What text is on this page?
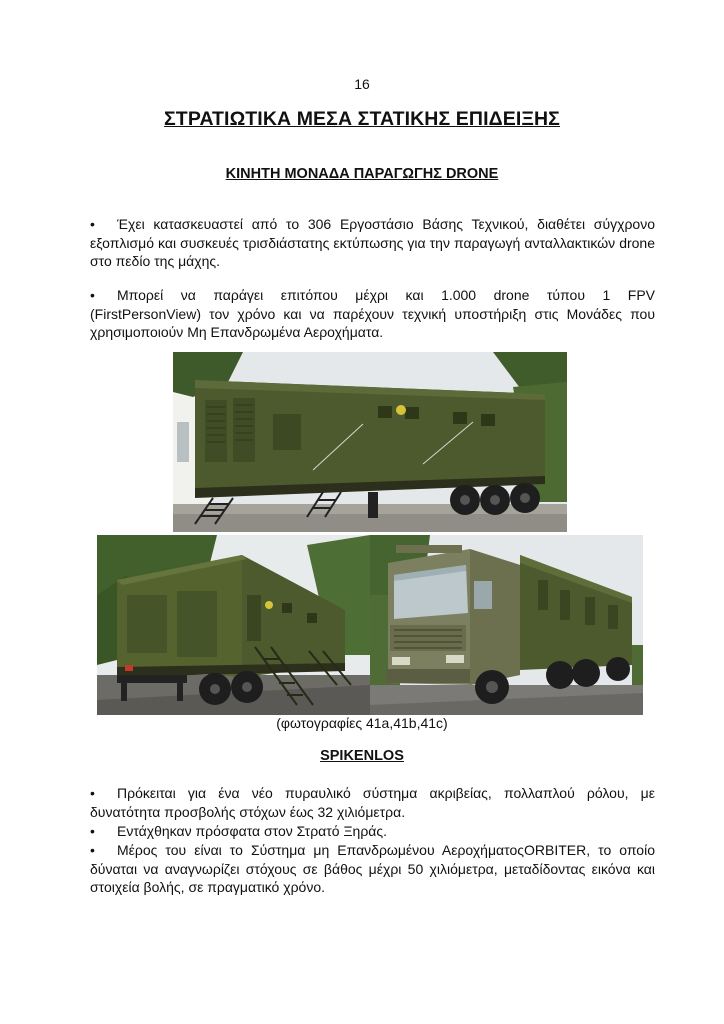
16
ΣΤΡΑΤΙΩΤΙΚΑ ΜΕΣΑ ΣΤΑΤΙΚΗΣ ΕΠΙΔΕΙΞΗΣ
ΚΙΝΗΤΗ ΜΟΝΑΔΑ ΠΑΡΑΓΩΓΗΣ DRONE
•	Έχει κατασκευαστεί από το 306 Εργοστάσιο Βάσης Τεχνικού, διαθέτει σύγχρονο
εξοπλισμό και συσκευές τρισδιάστατης εκτύπωσης για την παραγωγή ανταλλακτικών drone στο πεδίο της μάχης.
•	Μπορεί να παράγει επιτόπου μέχρι και 1.000 drone τύπου 1 FPV
(FirstPersonView) τον χρόνο και να παρέχουν τεχνική υποστήριξη στις Μονάδες που χρησιμοποιούν Μη Επανδρωμένα Αεροχήματα.
(φωτογραφίες 41a,41b,41c)
SPIKENLOS
•	Πρόκειται για ένα νέο πυραυλικό σύστημα ακριβείας, πολλαπλού ρόλου, με
δυνατότητα προσβολής στόχων έως 32 χιλιόμετρα.
•	Εντάχθηκαν πρόσφατα στον Στρατό Ξηράς.
•	Μέρος του είναι το Σύστημα μη Επανδρωμένου ΑεροχήματοςORBITER, το οποίο
δύναται να αναγνωρίζει στόχους σε βάθος μέχρι 50 χιλιόμετρα, μεταδίδοντας εικόνα και στοιχεία βολής, σε πραγματικό χρόνο.
